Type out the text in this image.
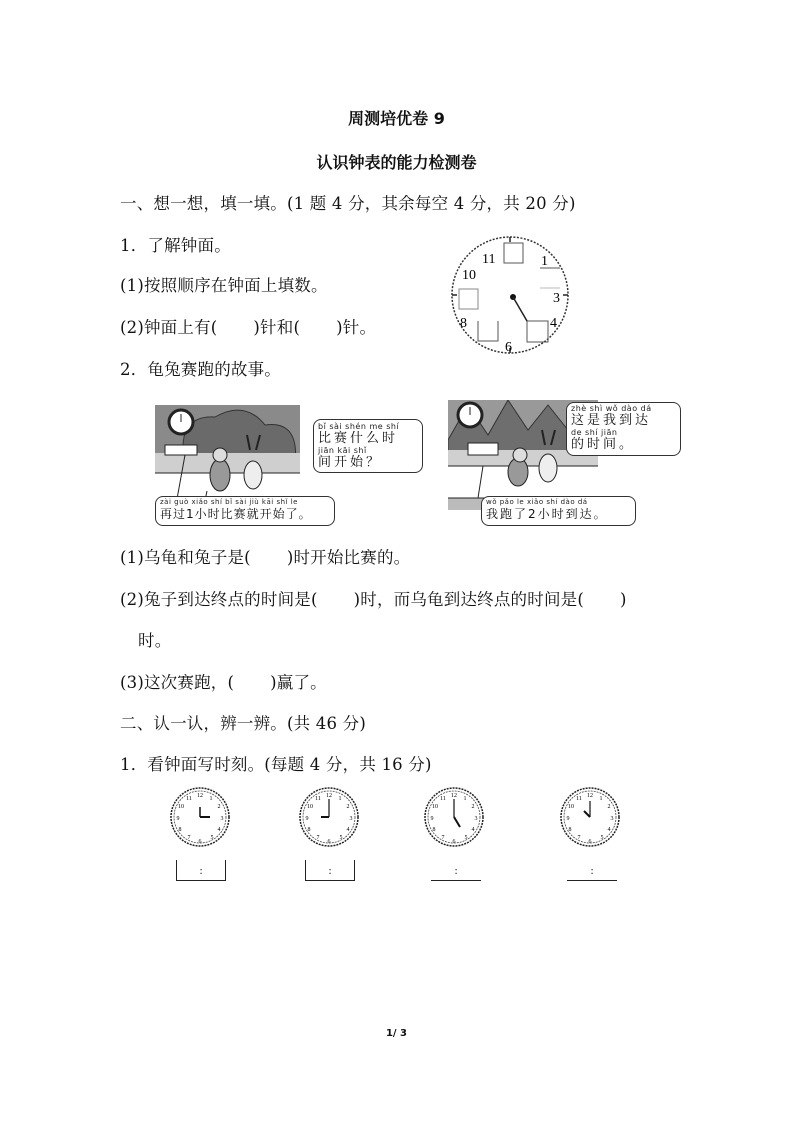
周测培优卷 9
认识钟表的能力检测卷
一、想一想，填一填。(1 题 4 分，其余每空 4 分，共 20 分)
1．了解钟面。
(1)按照顺序在钟面上填数。
(2)钟面上有( )针和( )针。
2．龟兔赛跑的故事。
11	1
10
3
8	4
6
bǐ sài shén me shí
比赛什么时
jiān kāi shǐ
间开始？
zài guò xiǎo shí bǐ sài jiù kāi shǐ le
再过1小时比赛就开始了。
zhè shì wǒ dào dá
这是我到达
de shí jiān
的时间。
wǒ pǎo le xiǎo shí dào dá
我跑了2小时到达。
(1)乌龟和兔子是( )时开始比赛的。
(2)兔子到达终点的时间是( )时，而乌龟到达终点的时间是( )
时。
(3)这次赛跑，( )赢了。
二、认一认，辨一辨。(共 46 分)
1．看钟面写时刻。(每题 4 分，共 16 分)
12 1
2
3
4
5
6
7
8
9
10
11	12 1
2
3
4
5
6
7
8
9
10
11	12 1
2
3
4
5
6
7
8
9
10
11	12 1
2
3
4
5
6
7
8
9
10
11
:	:	:	:
1/ 3
